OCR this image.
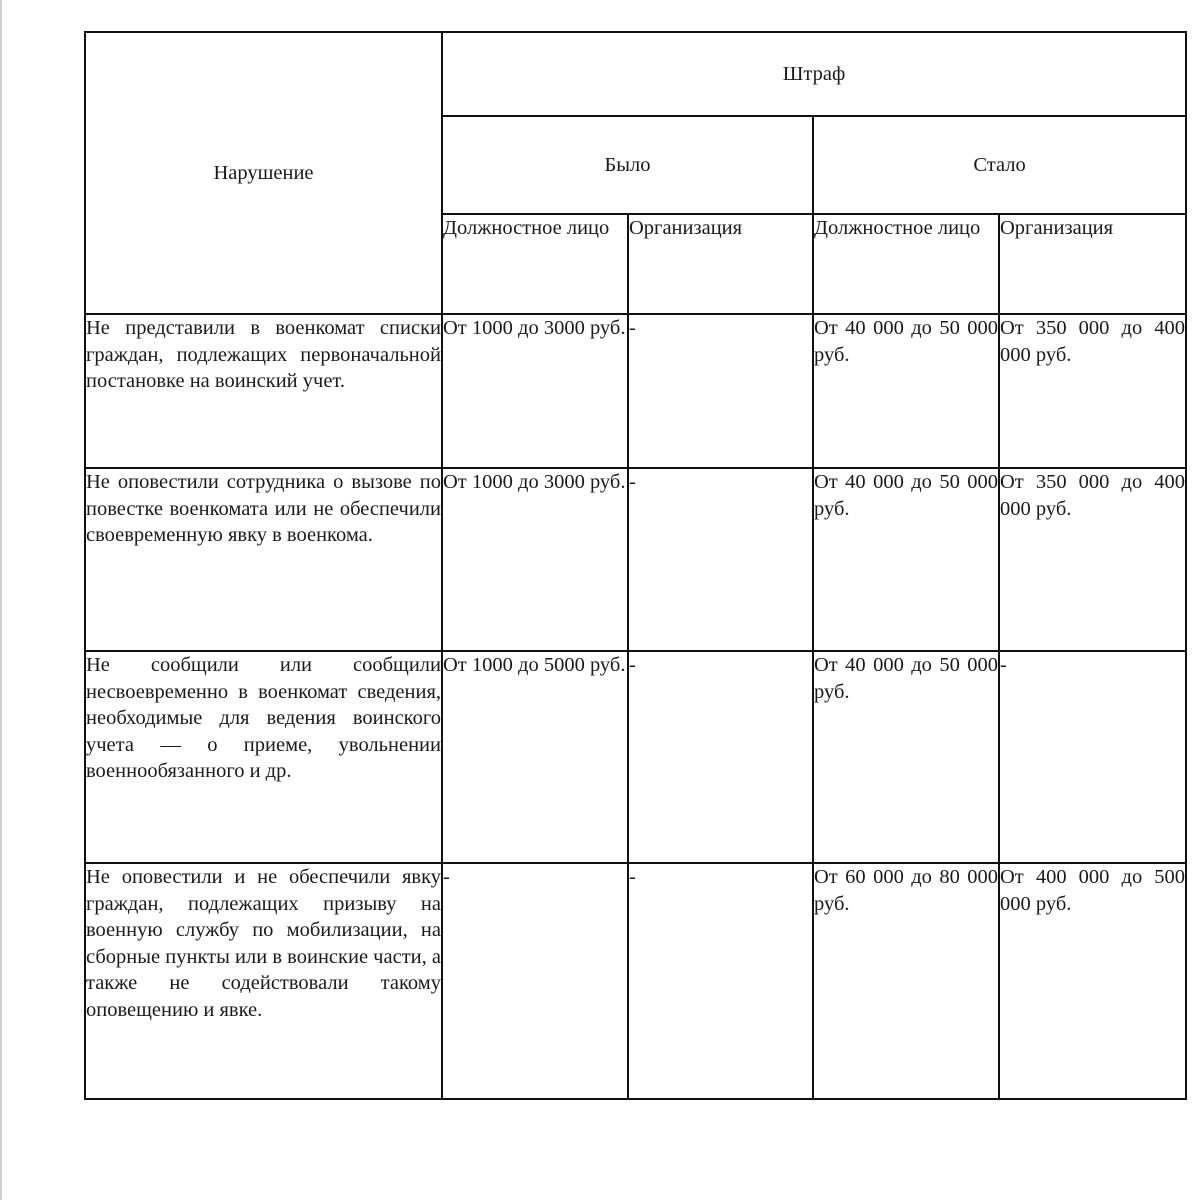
Нарушение	Штраф			
	Было		Стало	
	Должностное лицо	Организация	Должностное лицо	Организация
Не представили в военкомат списки граждан, подлежащих первоначальной постановке на воинский учет.	От 1000 до 3000 руб.	-	От 40 000 до 50 000 руб.	От 350 000 до 400 000 руб.
Не оповестили сотрудника о вызове по повестке военкомата или не обеспечили своевременную явку в военкома.	От 1000 до 3000 руб.	-	От 40 000 до 50 000 руб.	От 350 000 до 400 000 руб.
Не сообщили или сообщили несвоевременно в военкомат сведения, необходимые для ведения воинского учета — о приеме, увольнении военнообязанного и др.	От 1000 до 5000 руб.	-	От 40 000 до 50 000 руб.	-
Не оповестили и не обеспечили явку граждан, подлежащих призыву на военную службу по мобилизации, на сборные пункты или в воинские части, а также не содействовали такому оповещению и явке.	-	-	От 60 000 до 80 000 руб.	От 400 000 до 500 000 руб.
